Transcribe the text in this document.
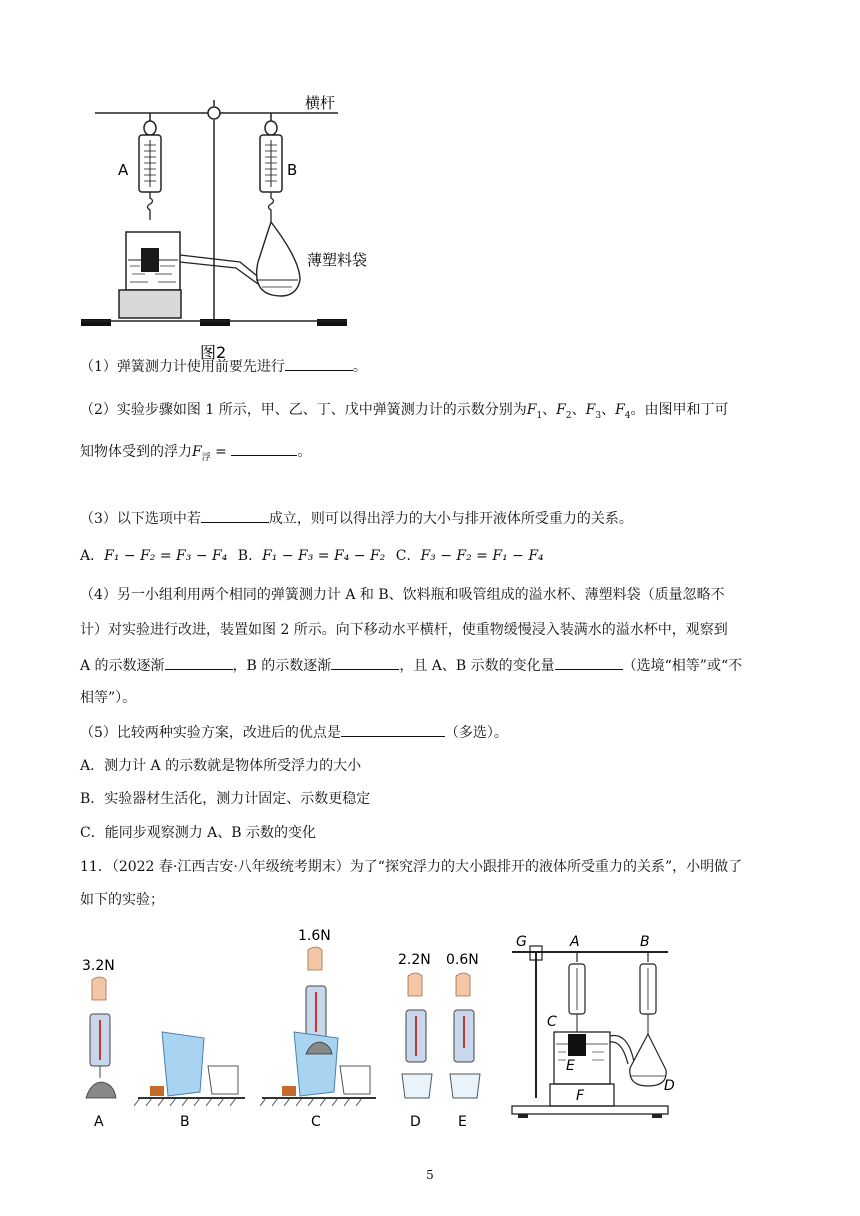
横杆
A	B
薄塑料袋
图2
（1）弹簧测力计使用前要先进行	。
（2）实验步骤如图 1 所示，甲、乙、丁、戊中弹簧测力计的示数分别为$F_1$、$F_2$、$F_3$、$F_4$。由图甲和丁可
知物体受到的浮力$F_浮$ =	。
（3）以下选项中若	成立，则可以得出浮力的大小与排开液体所受重力的关系。
A．F₁ − F₂ = F₃ − F₄ B．F₁ − F₃ = F₄ − F₂ C．F₃ − F₂ = F₁ − F₄
（4）另一小组利用两个相同的弹簧测力计 A 和 B、饮料瓶和吸管组成的溢水杯、薄塑料袋（质量忽略不
计）对实验进行改进，装置如图 2 所示。向下移动水平横杆，使重物缓慢浸入装满水的溢水杯中，观察到
A 的示数逐渐	，B 的示数逐渐	，且 A、B 示数的变化量	（选境“相等”或“不
相等”）。
（5）比较两种实验方案，改进后的优点是	（多选）。
A．测力计 A 的示数就是物体所受浮力的大小
B．实验器材生活化，测力计固定、示数更稳定
C．能同步观察测力 A、B 示数的变化
11．（2022 春·江西吉安·八年级统考期末）为了“探究浮力的大小跟排开的液体所受重力的关系”，小明做了
如下的实验；
3.2N
A	B
1.6N
C
2.2N
D
0.6N
E
G	A	B
C
E
D
F
5
